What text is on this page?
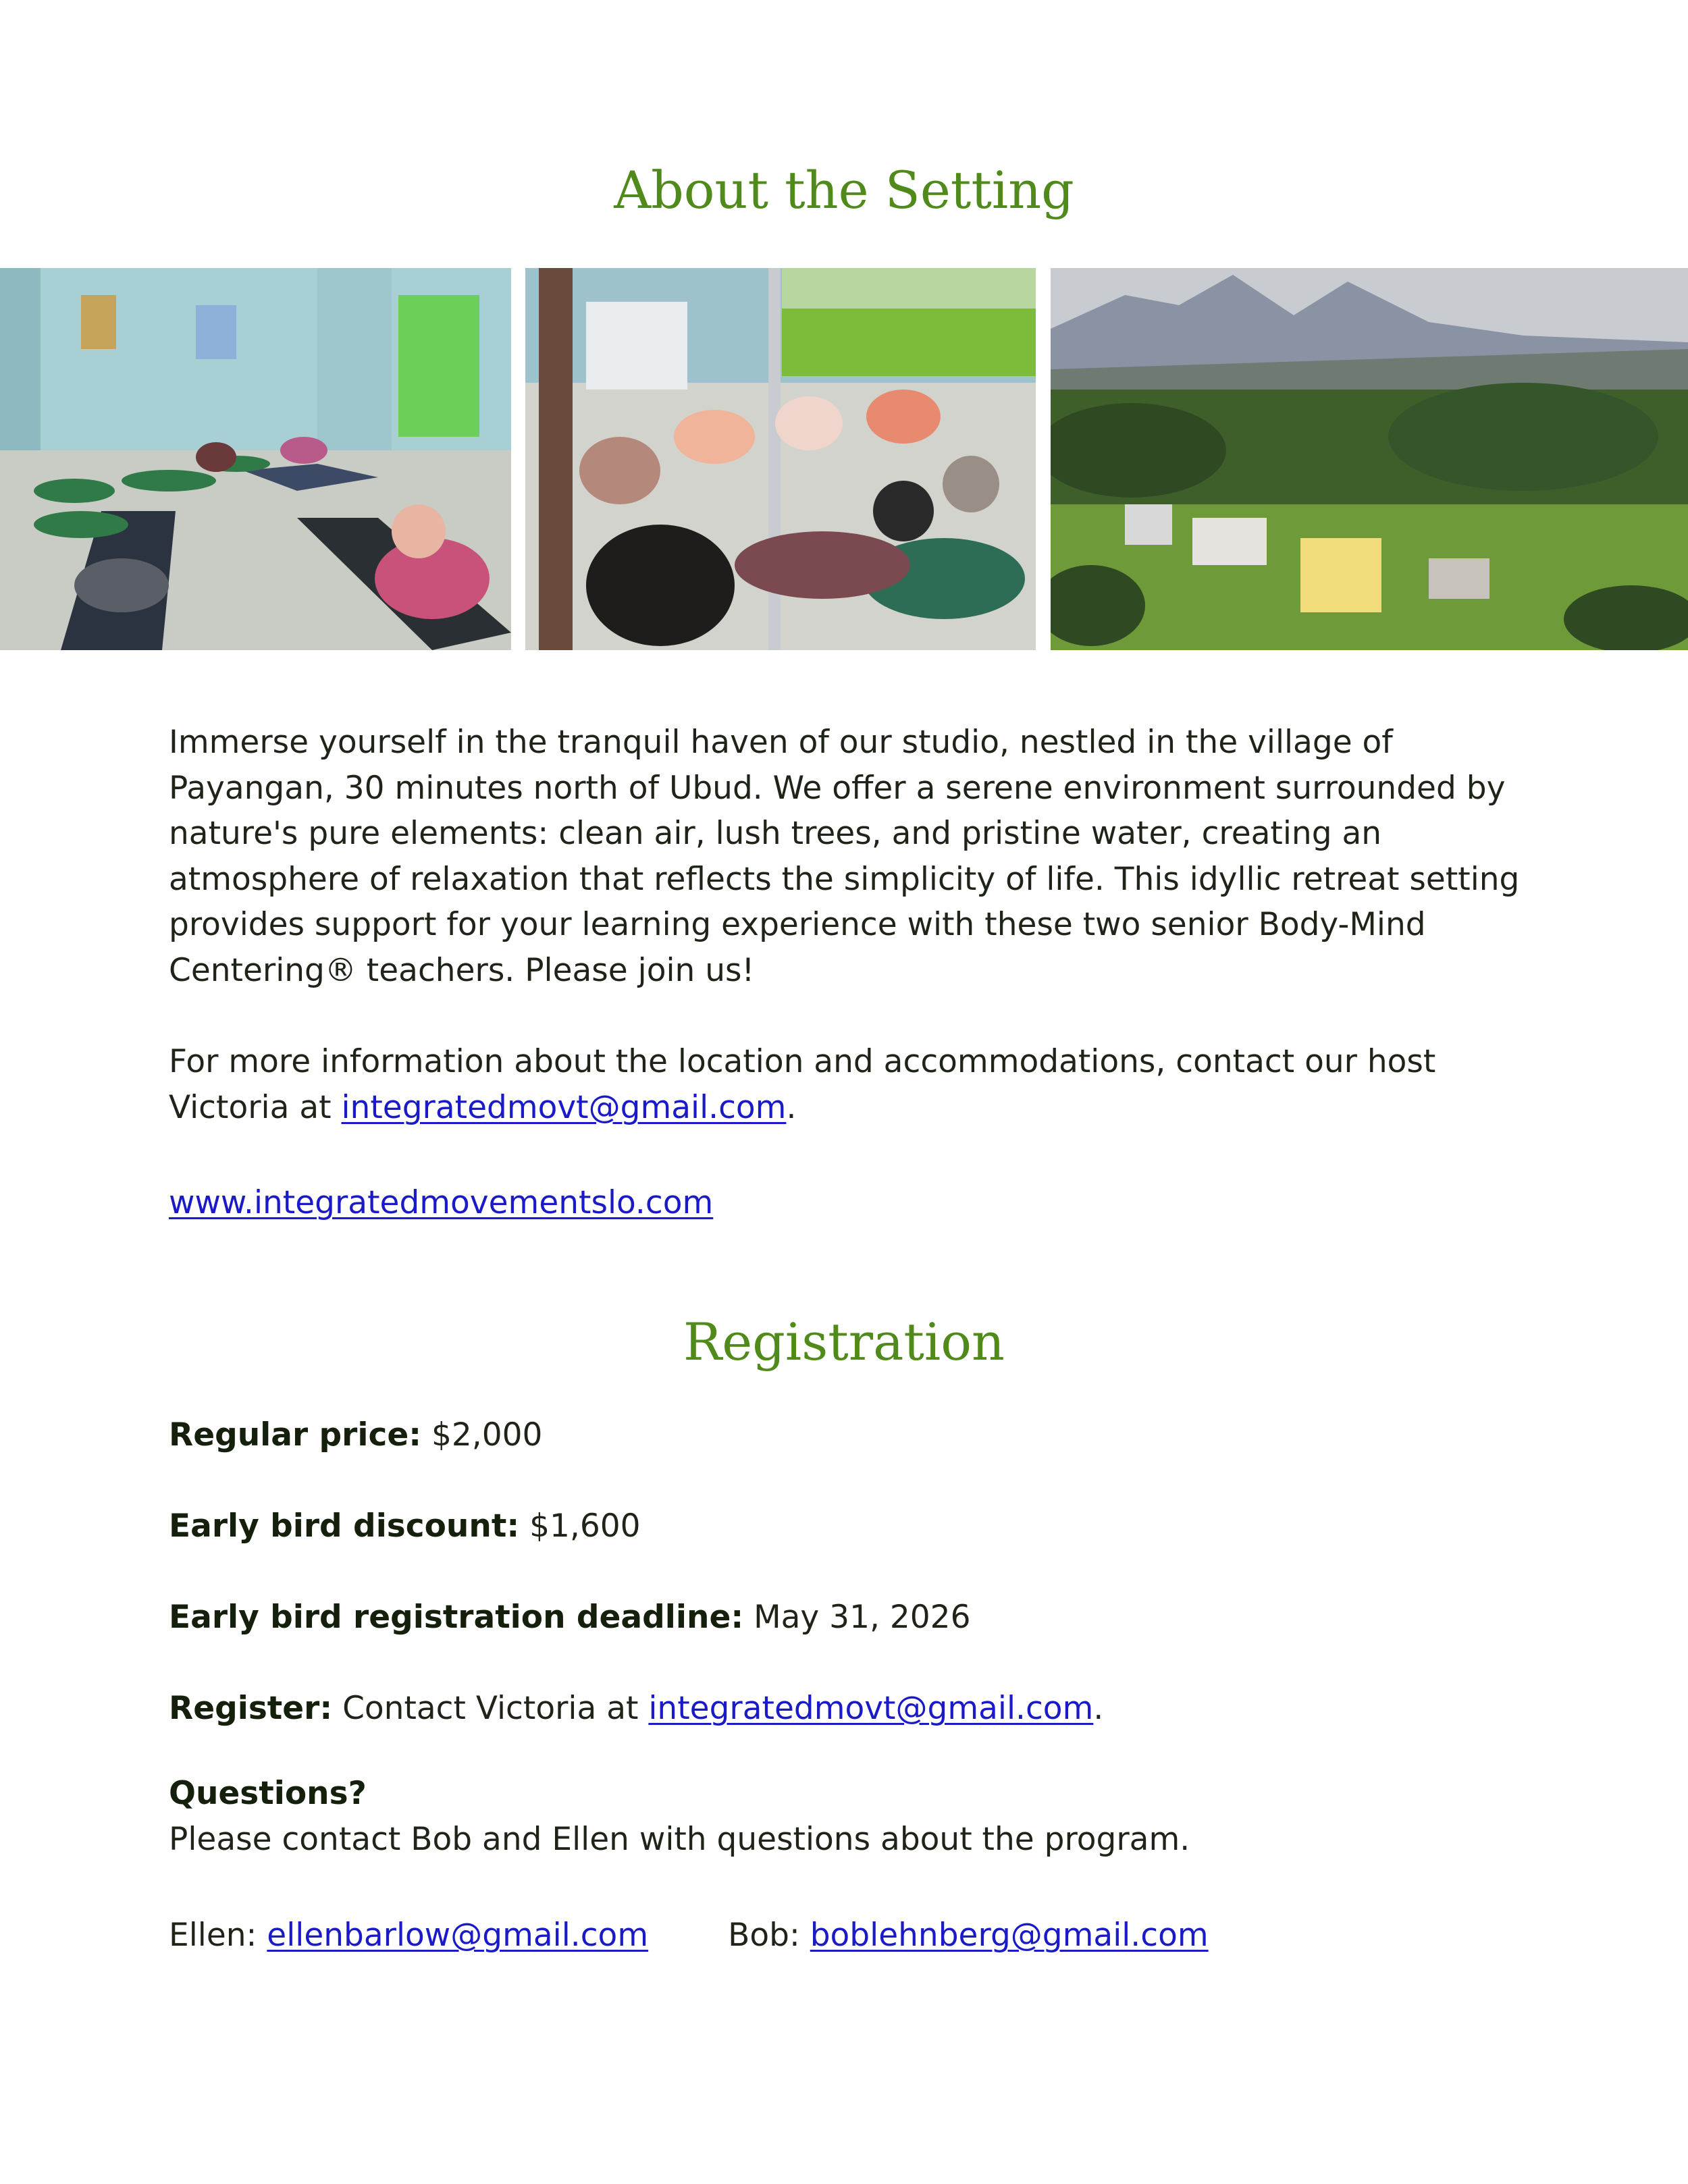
About the Setting

Immerse yourself in the tranquil haven of our studio, nestled in the village of Payangan, 30 minutes north of Ubud. We offer a serene environment surrounded by nature's pure elements: clean air, lush trees, and pristine water, creating an atmosphere of relaxation that reflects the simplicity of life. This idyllic retreat setting provides support for your learning experience with these two senior Body-Mind Centering® teachers. Please join us!

For more information about the location and accommodations, contact our host Victoria at integratedmovt@gmail.com.

www.integratedmovementslo.com

Registration

Regular price: $2,000

Early bird discount: $1,600

Early bird registration deadline: May 31, 2026

Register: Contact Victoria at integratedmovt@gmail.com.

Questions?
Please contact Bob and Ellen with questions about the program.

Ellen: ellenbarlow@gmail.com	Bob: boblehnberg@gmail.com
